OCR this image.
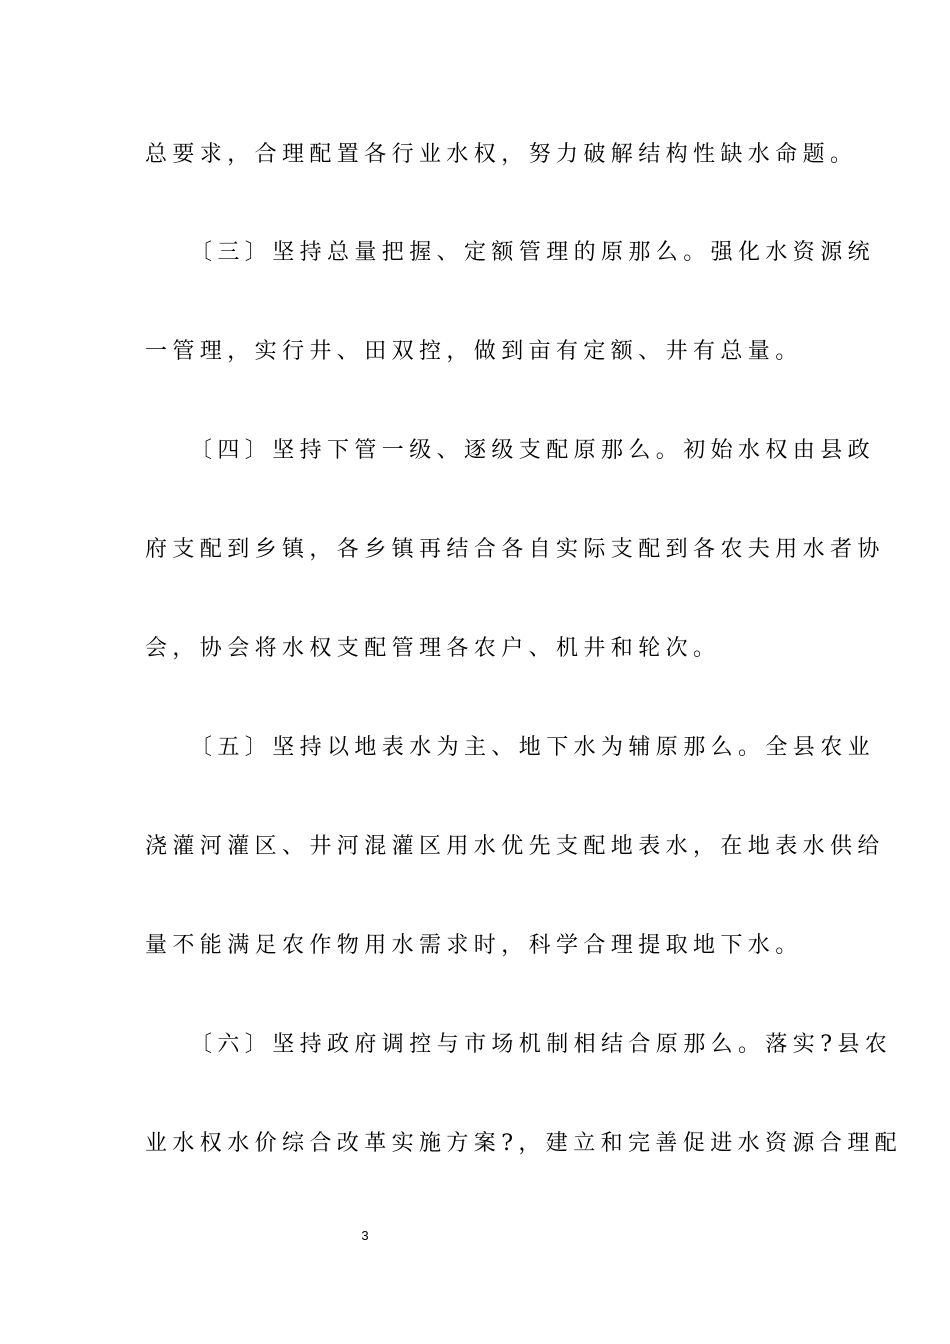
总要求，合理配置各行业水权，努力破解结构性缺水命题。
〔三〕坚持总量把握、定额管理的原那么。强化水资源统
一管理，实行井、田双控，做到亩有定额、井有总量。
〔四〕坚持下管一级、逐级支配原那么。初始水权由县政
府支配到乡镇，各乡镇再结合各自实际支配到各农夫用水者协
会，协会将水权支配管理各农户、机井和轮次。
〔五〕坚持以地表水为主、地下水为辅原那么。全县农业
浇灌河灌区、井河混灌区用水优先支配地表水，在地表水供给
量不能满足农作物用水需求时，科学合理提取地下水。
〔六〕坚持政府调控与市场机制相结合原那么。落实?县农
业水权水价综合改革实施方案?，建立和完善促进水资源合理配
3
